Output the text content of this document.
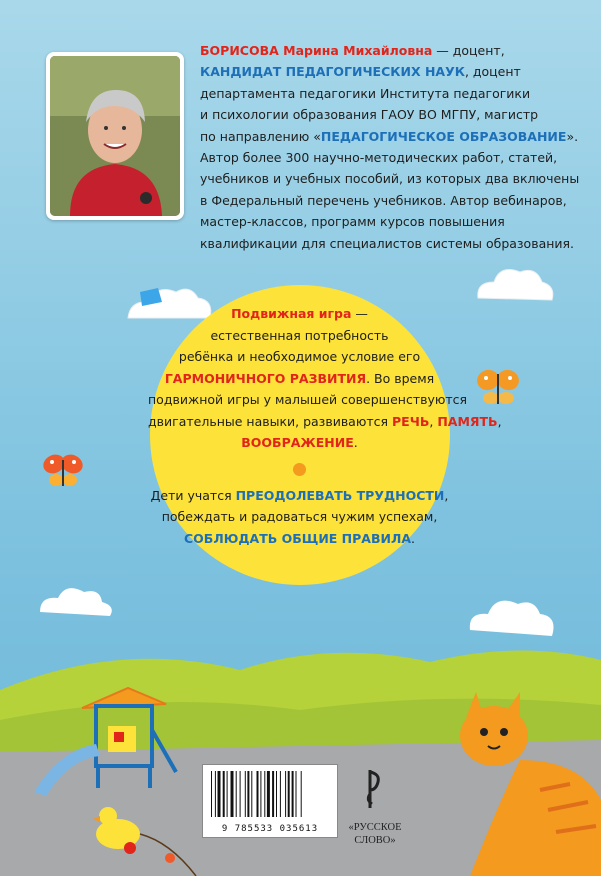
БОРИСОВА Марина Михайловна — доцент,
КАНДИДАТ ПЕДАГОГИЧЕСКИХ НАУК, доцент
департамента педагогики Института педагогики
и психологии образования ГАОУ ВО МГПУ, магистр
по направлению «ПЕДАГОГИЧЕСКОЕ ОБРАЗОВАНИЕ».
Автор более 300 научно-методических работ, статей,
учебников и учебных пособий, из которых два включены
в Федеральный перечень учебников. Автор вебинаров,
мастер-классов, программ курсов повышения
квалификации для специалистов системы образования.
Подвижная игра —
естественная потребность
ребёнка и необходимое условие его
ГАРМОНИЧНОГО РАЗВИТИЯ. Во время
подвижной игры у малышей совершенствуются
двигательные навыки, развиваются РЕЧЬ, ПАМЯТЬ,
ВООБРАЖЕНИЕ.
Дети учатся ПРЕОДОЛЕВАТЬ ТРУДНОСТИ,
побеждать и радоваться чужим успехам,
СОБЛЮДАТЬ ОБЩИЕ ПРАВИЛА.
9 785533 035613	«РУССКОЕ
СЛОВО»
